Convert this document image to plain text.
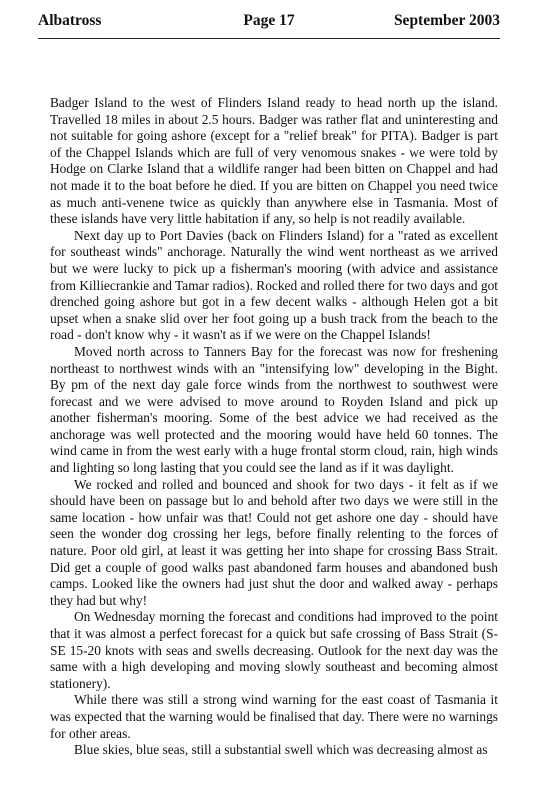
Albatross	Page 17	September 2003

Badger Island to the west of Flinders Island ready to head north up the island. Travelled 18 miles in about 2.5 hours. Badger was rather flat and uninteresting and not suitable for going ashore (except for a "relief break" for PITA). Badger is part of the Chappel Islands which are full of very venomous snakes - we were told by Hodge on Clarke Island that a wildlife ranger had been bitten on Chappel and had not made it to the boat before he died. If you are bitten on Chappel you need twice as much anti-venene twice as quickly than anywhere else in Tasmania. Most of these islands have very little habitation if any, so help is not readily available.

Next day up to Port Davies (back on Flinders Island) for a "rated as excellent for southeast winds" anchorage. Naturally the wind went northeast as we arrived but we were lucky to pick up a fisherman's mooring (with advice and assistance from Killiecrankie and Tamar radios). Rocked and rolled there for two days and got drenched going ashore but got in a few decent walks - although Helen got a bit upset when a snake slid over her foot going up a bush track from the beach to the road - don't know why - it wasn't as if we were on the Chappel Islands!

Moved north across to Tanners Bay for the forecast was now for freshening northeast to northwest winds with an "intensifying low" developing in the Bight. By pm of the next day gale force winds from the northwest to southwest were forecast and we were advised to move around to Royden Island and pick up another fisherman's mooring. Some of the best advice we had received as the anchorage was well protected and the mooring would have held 60 tonnes. The wind came in from the west early with a huge frontal storm cloud, rain, high winds and lighting so long lasting that you could see the land as if it was daylight.

We rocked and rolled and bounced and shook for two days - it felt as if we should have been on passage but lo and behold after two days we were still in the same location - how unfair was that! Could not get ashore one day - should have seen the wonder dog crossing her legs, before finally relenting to the forces of nature. Poor old girl, at least it was getting her into shape for crossing Bass Strait. Did get a couple of good walks past abandoned farm houses and abandoned bush camps. Looked like the owners had just shut the door and walked away - perhaps they had but why!

On Wednesday morning the forecast and conditions had improved to the point that it was almost a perfect forecast for a quick but safe crossing of Bass Strait (S-SE 15-20 knots with seas and swells decreasing. Outlook for the next day was the same with a high developing and moving slowly southeast and becoming almost stationery).

While there was still a strong wind warning for the east coast of Tasmania it was expected that the warning would be finalised that day. There were no warnings for other areas.

Blue skies, blue seas, still a substantial swell which was decreasing almost as
